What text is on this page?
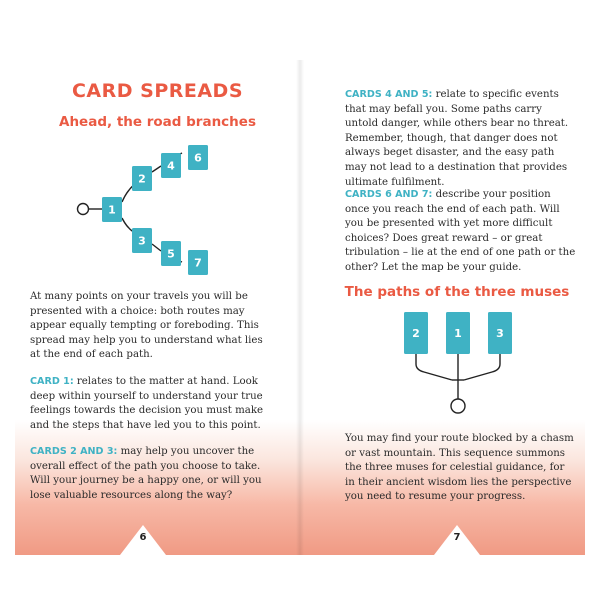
CARD SPREADS
Ahead, the road branches
1
2
3
4
5
6
7

At many points on your travels you will be presented with a choice: both routes may appear equally tempting or foreboding. This spread may help you to understand what lies at the end of each path.

CARD 1: relates to the matter at hand. Look deep within yourself to understand your true feelings towards the decision you must make and the steps that have led you to this point.

CARDS 2 AND 3: may help you uncover the overall effect of the path you choose to take. Will your journey be a happy one, or will you lose valuable resources along the way?

6

CARDS 4 AND 5: relate to specific events that may befall you. Some paths carry untold danger, while others bear no threat. Remember, though, that danger does not always beget disaster, and the easy path may not lead to a destination that provides ultimate fulfilment.

CARDS 6 AND 7: describe your position once you reach the end of each path. Will you be presented with yet more difficult choices? Does great reward – or great tribulation – lie at the end of one path or the other? Let the map be your guide.

The paths of the three muses
2	1	3

You may find your route blocked by a chasm or vast mountain. This sequence summons the three muses for celestial guidance, for in their ancient wisdom lies the perspective you need to resume your progress.

7
